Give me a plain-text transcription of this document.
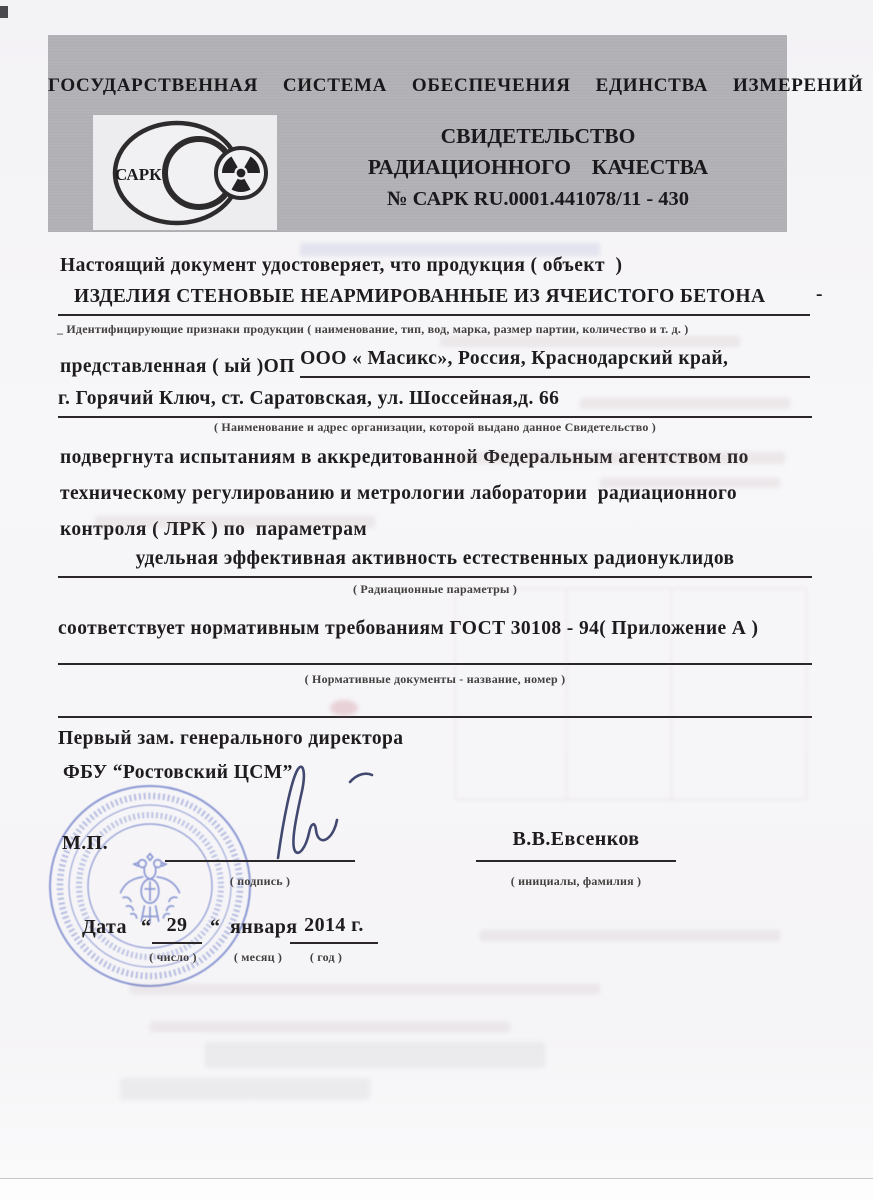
ГОСУДАРСТВЕННАЯ  СИСТЕМА  ОБЕСПЕЧЕНИЯ  ЕДИНСТВА  ИЗМЕРЕНИЙ
САРК
СВИДЕТЕЛЬСТВО
РАДИАЦИОННОГО  КАЧЕСТВА
№ САРК RU.0001.441078/11 - 430
Настоящий документ удостоверяет, что продукция ( объект  )
ИЗДЕЛИЯ СТЕНОВЫЕ НЕАРМИРОВАННЫЕ ИЗ ЯЧЕИСТОГО БЕТОНА	-
_ Идентифицирующие признаки продукции ( наименование, тип, вод, марка, размер партии, количество и т. д. )
представленная ( ый )ОП ООО « Масикс», Россия, Краснодарский край,
г. Горячий Ключ, ст. Саратовская, ул. Шоссейная,д. 66
( Наименование и адрес организации, которой выдано данное Свидетельство )
подвергнута испытаниям в аккредитованной Федеральным агентством по
техническому регулированию и метрологии лаборатории  радиационного
контроля ( ЛРК ) по  параметрам
удельная эффективная активность естественных радионуклидов
( Радиационные параметры )
соответствует нормативным требованиям ГОСТ 30108 - 94( Приложение А )
( Нормативные документы - название, номер )
Первый зам. генерального директора
ФБУ “Ростовский ЦСМ”
М.П.	В.В.Евсенков
( подпись )	( инициалы, фамилия )
Дата “ 29	“ января 2014 г.
( число )	( месяц )	( год )
